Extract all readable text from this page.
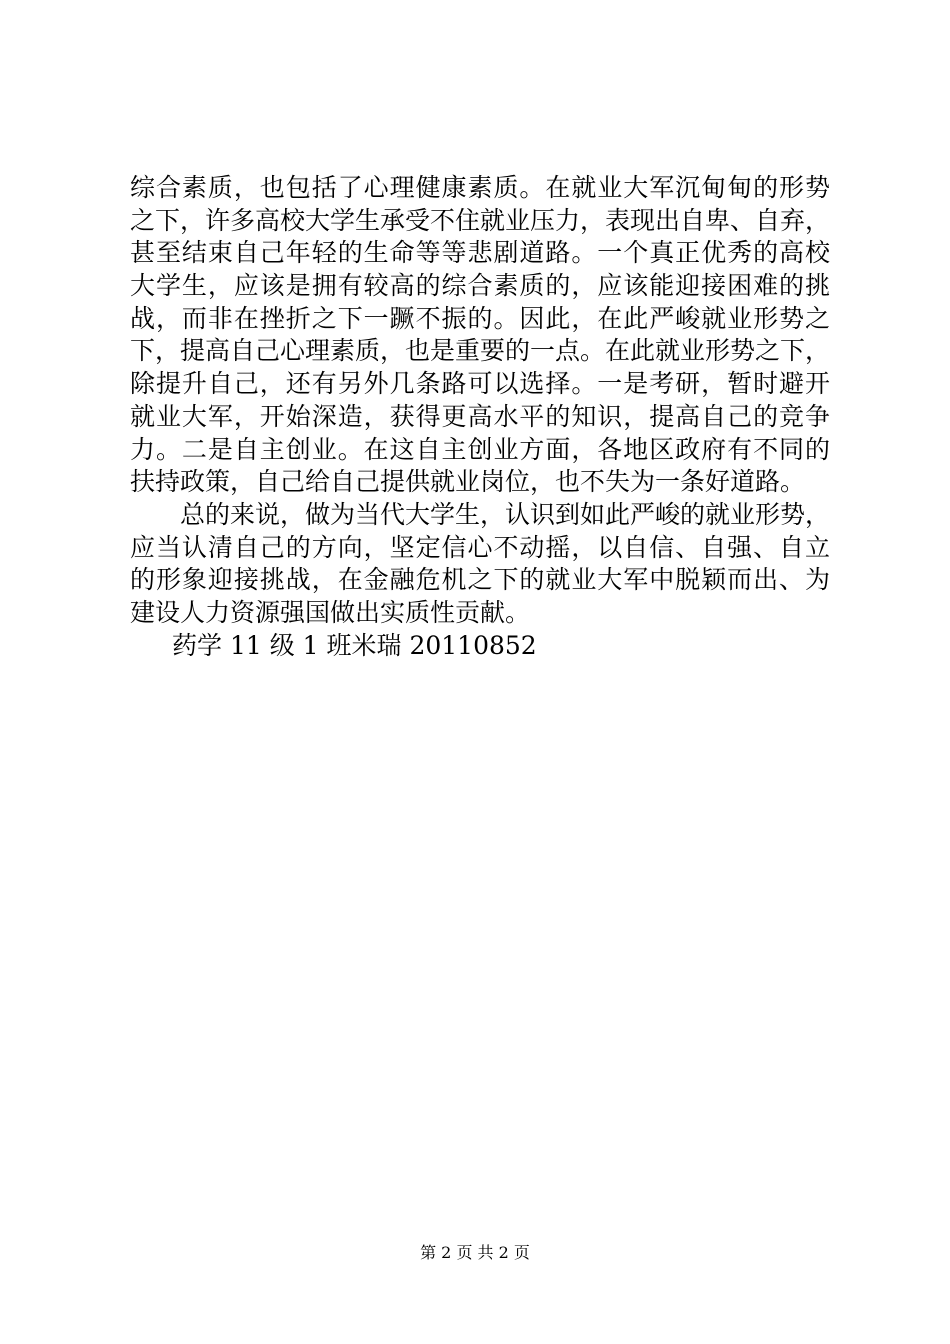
综合素质，也包括了心理健康素质。在就业大军沉甸甸的形势
之下，许多高校大学生承受不住就业压力，表现出自卑、自弃，
甚至结束自己年轻的生命等等悲剧道路。一个真正优秀的高校
大学生，应该是拥有较高的综合素质的，应该能迎接困难的挑
战，而非在挫折之下一蹶不振的。因此，在此严峻就业形势之
下，提高自己心理素质，也是重要的一点。在此就业形势之下，
除提升自己，还有另外几条路可以选择。一是考研，暂时避开
就业大军，开始深造，获得更高水平的知识，提高自己的竞争
力。二是自主创业。在这自主创业方面，各地区政府有不同的
扶持政策，自己给自己提供就业岗位，也不失为一条好道路。
总的来说，做为当代大学生，认识到如此严峻的就业形势，
应当认清自己的方向，坚定信心不动摇，以自信、自强、自立
的形象迎接挑战，在金融危机之下的就业大军中脱颖而出、为
建设人力资源强国做出实质性贡献。
药学 11 级 1 班米瑞 20110852
第 2 页 共 2 页
